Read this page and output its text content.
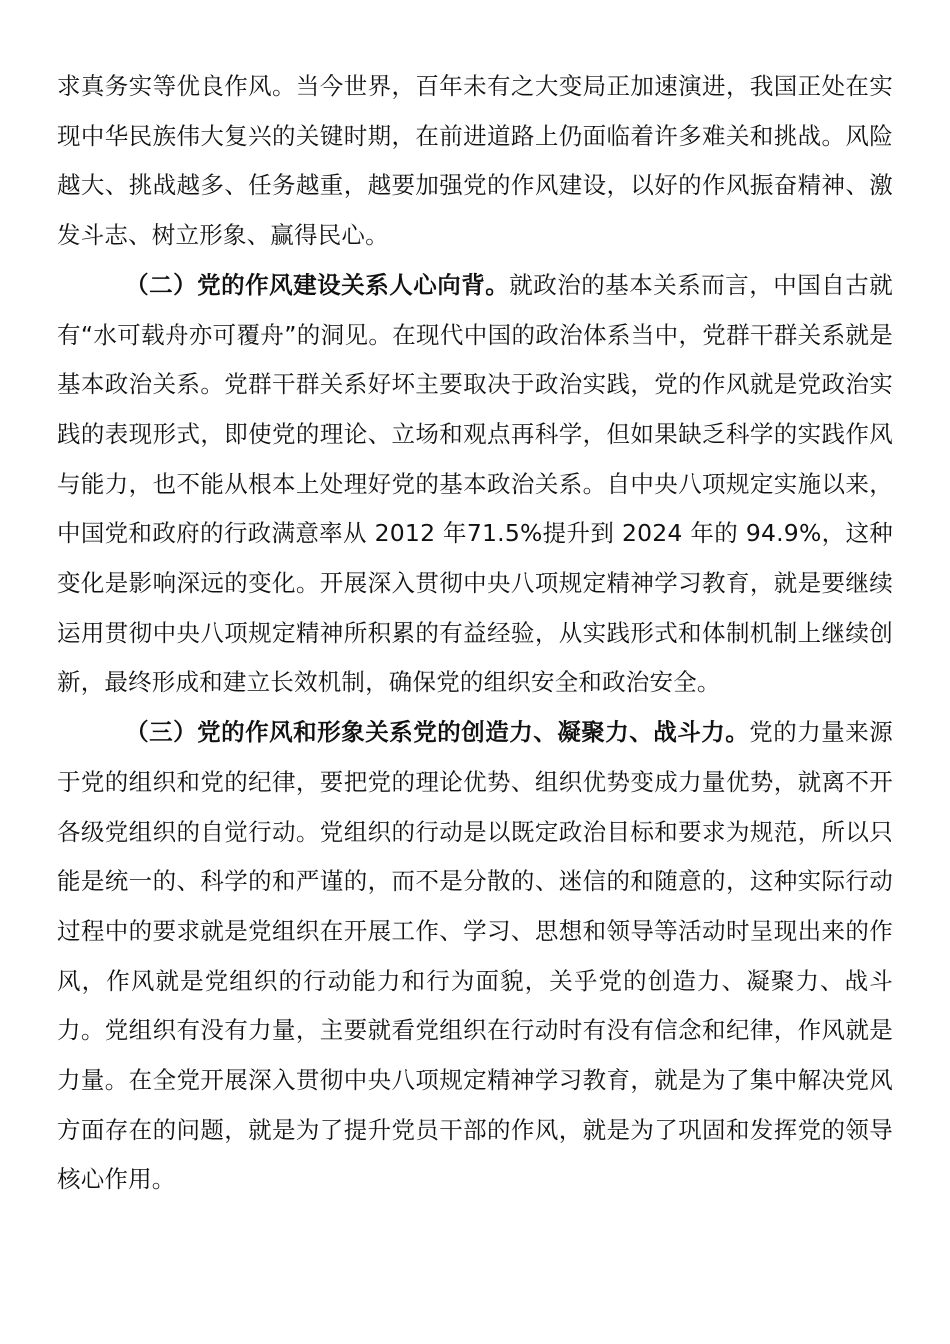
求真务实等优良作风。当今世界，百年未有之大变局正加速演进，我国正处在实现中华民族伟大复兴的关键时期，在前进道路上仍面临着许多难关和挑战。风险越大、挑战越多、任务越重，越要加强党的作风建设，以好的作风振奋精神、激发斗志、树立形象、赢得民心。

（二）党的作风建设关系人心向背。就政治的基本关系而言，中国自古就有“水可载舟亦可覆舟”的洞见。在现代中国的政治体系当中，党群干群关系就是基本政治关系。党群干群关系好坏主要取决于政治实践，党的作风就是党政治实践的表现形式，即使党的理论、立场和观点再科学，但如果缺乏科学的实践作风与能力，也不能从根本上处理好党的基本政治关系。自中央八项规定实施以来，中国党和政府的行政满意率从 2012 年71.5%提升到 2024 年的 94.9%，这种变化是影响深远的变化。开展深入贯彻中央八项规定精神学习教育，就是要继续运用贯彻中央八项规定精神所积累的有益经验，从实践形式和体制机制上继续创新，最终形成和建立长效机制，确保党的组织安全和政治安全。

（三）党的作风和形象关系党的创造力、凝聚力、战斗力。党的力量来源于党的组织和党的纪律，要把党的理论优势、组织优势变成力量优势，就离不开各级党组织的自觉行动。党组织的行动是以既定政治目标和要求为规范，所以只能是统一的、科学的和严谨的，而不是分散的、迷信的和随意的，这种实际行动过程中的要求就是党组织在开展工作、学习、思想和领导等活动时呈现出来的作风，作风就是党组织的行动能力和行为面貌，关乎党的创造力、凝聚力、战斗力。党组织有没有力量，主要就看党组织在行动时有没有信念和纪律，作风就是力量。在全党开展深入贯彻中央八项规定精神学习教育，就是为了集中解决党风方面存在的问题，就是为了提升党员干部的作风，就是为了巩固和发挥党的领导核心作用。
